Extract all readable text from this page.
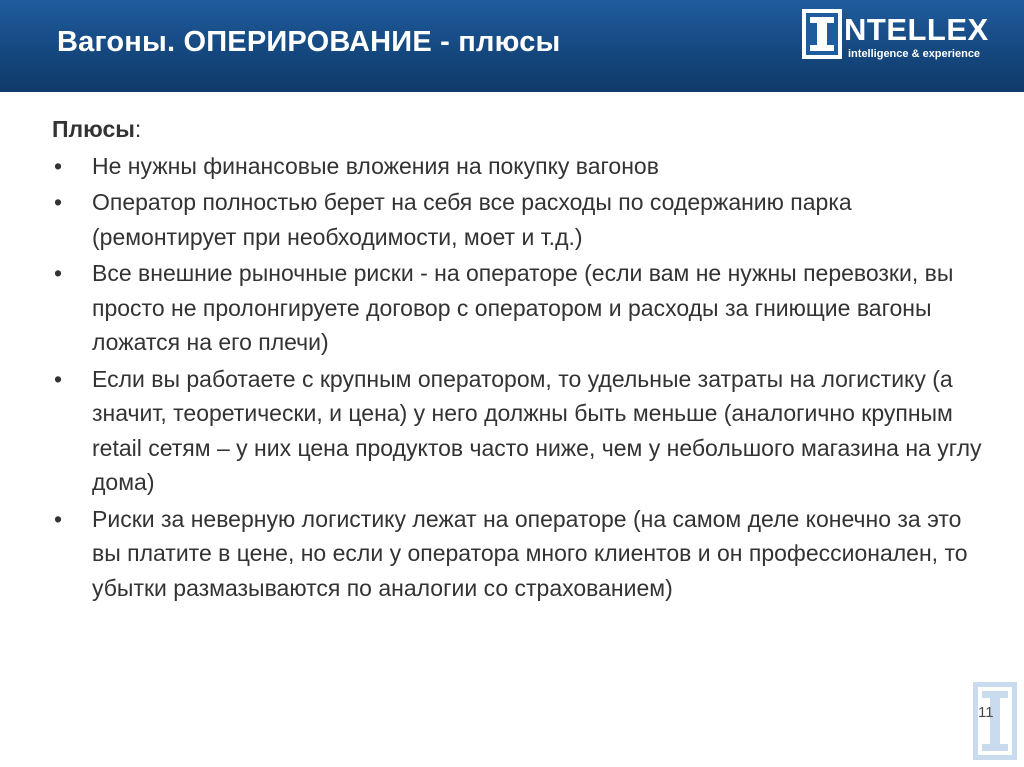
Вагоны. ОПЕРИРОВАНИЕ - плюсы	NTELLEX
intelligence & experience
Плюсы:
• Не нужны финансовые вложения на покупку вагонов
• Оператор полностью берет на себя все расходы по содержанию парка (ремонтирует при необходимости, моет и т.д.)
• Все внешние рыночные риски - на операторе (если вам не нужны перевозки, вы просто не пролонгируете договор с оператором и расходы за гниющие вагоны ложатся на его плечи)
• Если вы работаете с крупным оператором, то удельные затраты на логистику (а значит, теоретически, и цена) у него должны быть меньше (аналогично крупным retail сетям – у них цена продуктов часто ниже, чем у небольшого магазина на углу дома)
• Риски за неверную логистику лежат на операторе (на самом деле конечно за это вы платите в цене, но если у оператора много клиентов и он профессионален, то убытки размазываются по аналогии со страхованием)
11
